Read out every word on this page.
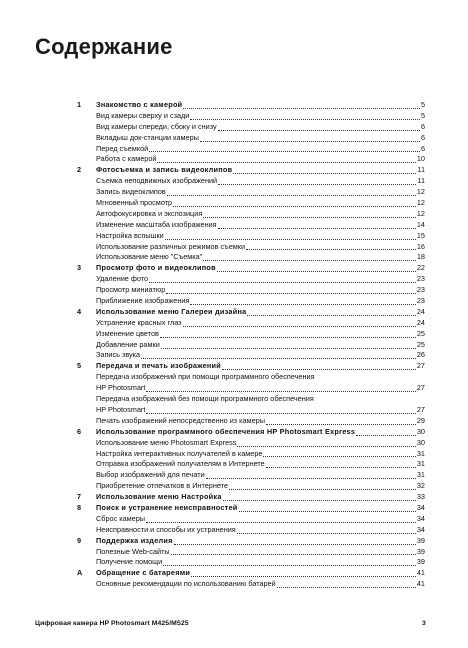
Содержание
1 Знакомство с камерой	5
Вид камеры сверху и сзади	5
Вид камеры спереди, сбоку и снизу	6
Вкладыш док-станции камеры	6
Перед съемкой	6
Работа с камерой	10
2 Фотосъемка и запись видеоклипов	11
Съемка неподвижных изображений	11
Запись видеоклипов	12
Мгновенный просмотр	12
Автофокусировка и экспозиция	12
Изменение масштаба изображения	14
Настройка вспышки	15
Использование различных режимов съемки	16
Использование меню "Съемка"	18
3 Просмотр фото и видеоклипов	22
Удаление фото	23
Просмотр миниатюр	23
Приближение изображения	23
4 Использование меню Галереи дизайна	24
Устранение красных глаз	24
Изменение цветов	25
Добавление рамки	25
Запись звука	26
5 Передача и печать изображений	27
Передача изображений при помощи программного обеспечения
HP Photosmart	27
Передача изображений без помощи программного обеспечения
HP Photosmart	27
Печать изображений непосредственно из камеры	29
6 Использование программного обеспечения HP Photosmart Express	30
Использование меню Photosmart Express	30
Настройка интерактивных получателей в камере	31
Отправка изображений получателям в Интернете	31
Выбор изображений для печати	31
Приобретение отпечатков в Интернете	32
7 Использование меню Настройка	33
8 Поиск и устранение неисправностей	34
Сброс камеры	34
Неисправности и способы их устранения	34
9 Поддержка изделия	39
Полезные Web-сайты	39
Получение помощи	39
A Обращение с батареями	41
Основные рекомендации по использованию батарей	41
Цифровая камера HP Photosmart M425/M525	3
